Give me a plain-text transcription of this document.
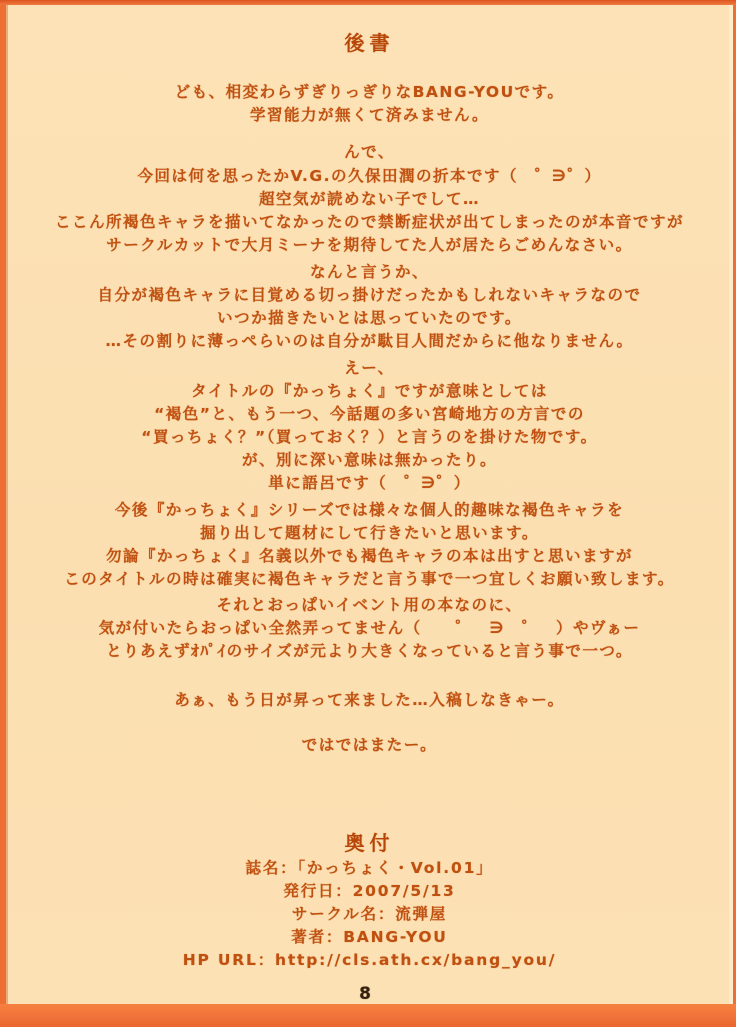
後書
ども、相変わらずぎりっぎりなBANG-YOUです。
学習能力が無くて済みません。
んで、
今回は何を思ったかV.G.の久保田潤の折本です（　゜∋゜）
超空気が読めない子でして…
ここん所褐色キャラを描いてなかったので禁断症状が出てしまったのが本音ですが
サークルカットで大月ミーナを期待してた人が居たらごめんなさい。
なんと言うか、
自分が褐色キャラに目覚める切っ掛けだったかもしれないキャラなので
いつか描きたいとは思っていたのです。
…その割りに薄っぺらいのは自分が駄目人間だからに他なりません。
えー、
タイトルの『かっちょく』ですが意味としては
“褐色”と、もう一つ、今話題の多い宮崎地方の方言での
“買っちょく？”（買っておく？）と言うのを掛けた物です。
が、別に深い意味は無かったり。
単に語呂です（　゜∋゜）
今後『かっちょく』シリーズでは様々な個人的趣味な褐色キャラを
掘り出して題材にして行きたいと思います。
勿論『かっちょく』名義以外でも褐色キャラの本は出すと思いますが
このタイトルの時は確実に褐色キャラだと言う事で一つ宜しくお願い致します。
それとおっぱいイベント用の本なのに、
気が付いたらおっぱい全然弄ってません（　　゜　∋　゜　）やヴぁー
とりあえずｵﾊﾟｲのサイズが元より大きくなっていると言う事で一つ。
あぁ、もう日が昇って来ました…入稿しなきゃー。
ではではまたー。
奥付
誌名：「かっちょく・Vol.01」
発行日：2007/5/13
サークル名：流弾屋
著者：BANG-YOU
HP URL：http://cls.ath.cx/bang_you/
8
